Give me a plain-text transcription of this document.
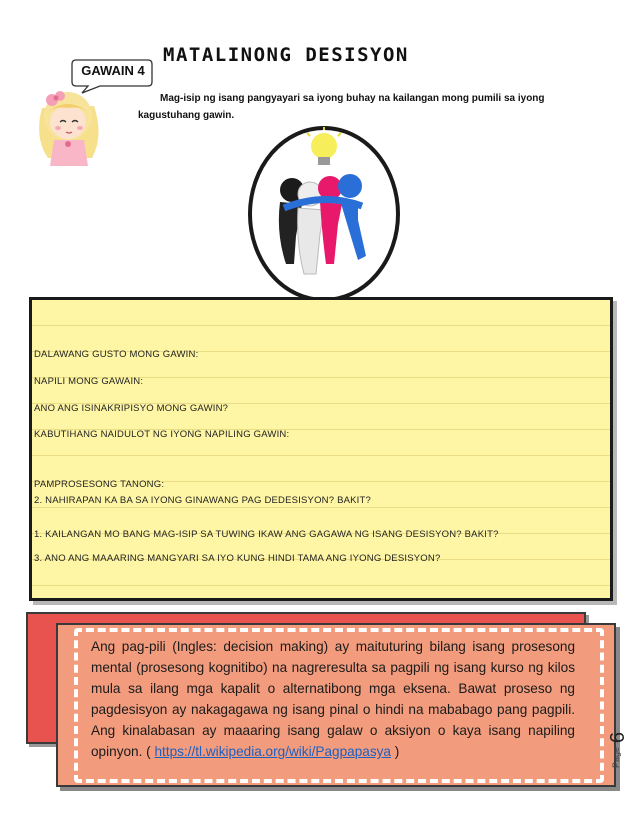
GAWAIN 4
MATALINONG DESISYON
Mag-isip ng isang pangyayari sa iyong buhay na kailangan mong pumili sa iyong kagustuhang gawin.
DALAWANG GUSTO MONG GAWIN:
NAPILI MONG GAWAIN:
ANO ANG ISINAKRIPISYO MONG GAWIN?
KABUTIHANG NAIDULOT NG IYONG NAPILING GAWIN:
PAMPROSESONG TANONG:
2. NAHIRAPAN KA BA SA IYONG GINAWANG PAG DEDESISYON? BAKIT?
1. KAILANGAN MO BANG MAG-ISIP SA TUWING IKAW ANG GAGAWA NG ISANG DESISYON? BAKIT?
3. ANO ANG MAAARING MANGYARI SA IYO KUNG HINDI TAMA ANG IYONG DESISYON?
Ang pag-pili (Ingles: decision making) ay maituturing bilang isang prosesong mental (prosesong kognitibo) na nagreresulta sa pagpili ng isang kurso ng kilos mula sa ilang mga kapalit o alternatibong mga eksena. Bawat proseso ng pagdesisyon ay nakagagawa ng isang pinal o hindi na mababago pang pagpili. Ang kinalabasan ay maaaring isang galaw o aksiyon o kaya isang napiling opinyon. ( https://tl.wikipedia.org/wiki/Pagpapasya )	Page
6
